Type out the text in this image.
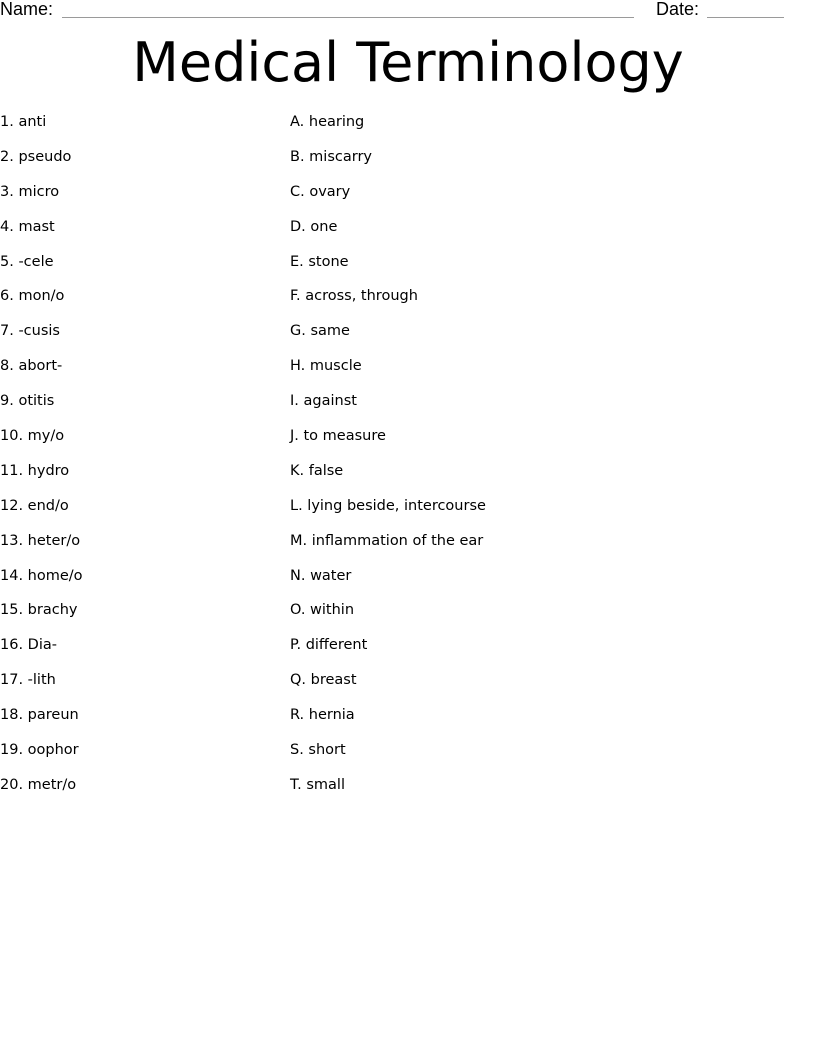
Name:	Date:
Medical Terminology
1. anti
2. pseudo
3. micro
4. mast
5. -cele
6. mon/o
7. -cusis
8. abort-
9. otitis
10. my/o
11. hydro
12. end/o
13. heter/o
14. home/o
15. brachy
16. Dia-
17. -lith
18. pareun
19. oophor
20. metr/o
A. hearing
B. miscarry
C. ovary
D. one
E. stone
F. across, through
G. same
H. muscle
I. against
J. to measure
K. false
L. lying beside, intercourse
M. inflammation of the ear
N. water
O. within
P. different
Q. breast
R. hernia
S. short
T. small
